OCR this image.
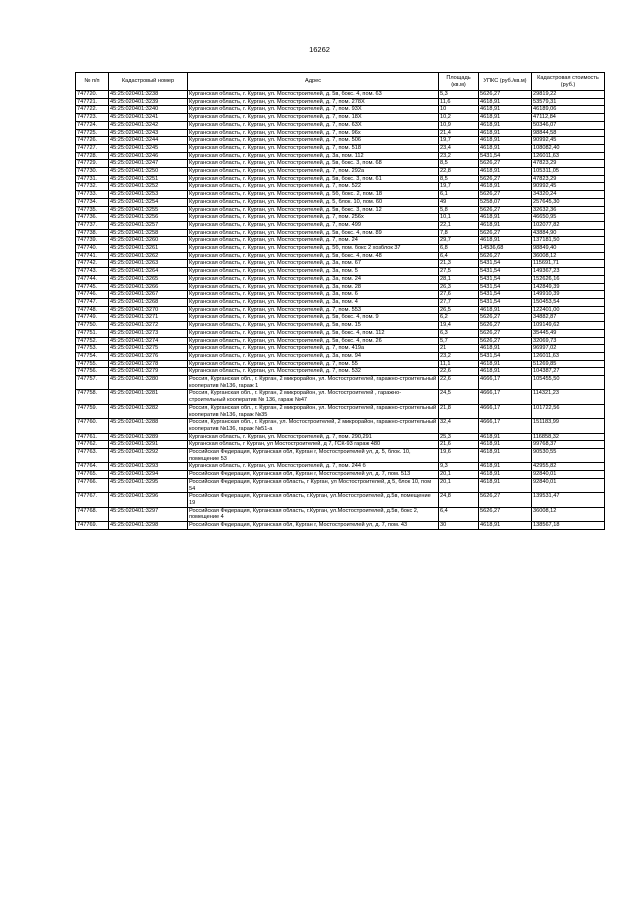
16262
№ п/п	Кадастровый номер	Адрес	Площадь (кв.м)	УПКС (руб./кв.м)	Кадастровая стоимость (руб.)
747720.	45:25:020401:3238	Курганская область, г. Курган, ул. Мостостроителей, д. 5в, бокс. 4, пом. 63	5,3	5626,27	29819,22
747721.	45:25:020401:3239	Курганская область, г. Курган, ул. Мостостроителей, д. 7, пом. 278Х	11,6	4618,91	53579,31
747722.	45:25:020401:3240	Курганская область, г. Курган, ул. Мостостроителей, д. 7, пом. 93Х	10	4618,91	46189,06
747723.	45:25:020401:3241	Курганская область, г. Курган, ул. Мостостроителей, д. 7, пом. 18Х	10,2	4618,91	47112,84
747724.	45:25:020401:3242	Курганская область, г. Курган, ул. Мостостроителей, д. 7, пом. 63Х	10,9	4618,91	50346,07
747725.	45:25:020401:3243	Курганская область, г. Курган, ул. Мостостроителей, д. 7, пом. 96х	21,4	4618,91	98844,58
747726.	45:25:020401:3244	Курганская область, г. Курган, ул. Мостостроителей, д. 7, пом. 506	19,7	4618,91	90992,45
747727.	45:25:020401:3245	Курганская область, г. Курган, ул. Мостостроителей, д. 7, пом. 518	23,4	4618,91	108082,40
747728.	45:25:020401:3246	Курганская область, г. Курган, ул. Мостостроителей, д. 3а, пом. 112	23,2	5431,54	126011,63
747729.	45:25:020401:3247	Курганская область, г. Курган, ул. Мостостроителей, д. 5в, бокс. 3, пом. 68	8,5	5626,27	47823,29
747730.	45:25:020401:3250	Курганская область, г. Курган, ул. Мостостроителей, д. 7, пом. 292а	22,8	4618,91	105311,05
747731.	45:25:020401:3251	Курганская область, г. Курган, ул. Мостостроителей, д. 5в, бокс. 3, пом. 61	8,5	5626,27	47823,29
747732.	45:25:020401:3252	Курганская область, г. Курган, ул. Мостостроителей, д. 7, пом. 522	19,7	4618,91	90992,45
747733.	45:25:020401:3253	Курганская область, г. Курган, ул. Мостостроителей, д. 5б, бокс. 2, пом. 18	6,1	5626,27	34320,24
747734.	45:25:020401:3254	Курганская область, г. Курган, ул. Мостостроителей, д. 5, блок. 10, пом. 60	49	5258,07	257645,30
747735.	45:25:020401:3255	Курганская область, г. Курган, ул. Мостостроителей, д. 5в, бокс. 3, пом. 12	5,8	5626,27	32632,36
747736.	45:25:020401:3256	Курганская область, г. Курган, ул. Мостостроителей, д. 7, пом. 256х	10,1	4618,91	46650,95
747737.	45:25:020401:3257	Курганская область, г. Курган, ул. Мостостроителей, д. 7, пом. 499	22,1	4618,91	102077,82
747738.	45:25:020401:3258	Курганская область, г. Курган, ул. Мостостроителей, д. 5в, бокс. 4, пом. 89	7,8	5626,27	43884,90
747739.	45:25:020401:3260	Курганская область, г. Курган, ул. Мостостроителей, д. 7, пом. 24	29,7	4618,91	137181,50
747740.	45:25:020401:3261	Курганская область, г. Курган, ул. Мостостроителей, д. 5б, пом. бокс 2 хозблок 37	6,8	14536,68	98849,40
747741.	45:25:020401:3262	Курганская область, г. Курган, ул. Мостостроителей, д. 5в, бокс. 4, пом. 48	6,4	5626,27	36008,12
747742.	45:25:020401:3263	Курганская область, г. Курган, ул. Мостостроителей, д. 3а, пом. 67	21,3	5431,54	115691,71
747743.	45:25:020401:3264	Курганская область, г. Курган, ул. Мостостроителей, д. 3а, пом. 5	27,5	5431,54	149367,23
747744.	45:25:020401:3265	Курганская область, г. Курган, ул. Мостостроителей, д. 3а, пом. 24	28,1	5431,54	152626,16
747745.	45:25:020401:3266	Курганская область, г. Курган, ул. Мостостроителей, д. 3а, пом. 28	26,3	5431,54	142849,39
747746.	45:25:020401:3267	Курганская область, г. Курган, ул. Мостостроителей, д. 3а, пом. 6	27,6	5431,54	149910,39
747747.	45:25:020401:3268	Курганская область, г. Курган, ул. Мостостроителей, д. 3а, пом. 4	27,7	5431,54	150453,54
747748.	45:25:020401:3270	Курганская область, г. Курган, ул. Мостостроителей, д. 7, пом. 553	26,5	4618,91	122401,00
747749.	45:25:020401:3271	Курганская область, г. Курган, ул. Мостостроителей, д. 5в, бокс. 4, пом. 9	6,2	5626,27	34882,87
747750.	45:25:020401:3272	Курганская область, г. Курган, ул. Мостостроителей, д. 5в, пом. 15	19,4	5626,27	109149,62
747751.	45:25:020401:3273	Курганская область, г. Курган, ул. Мостостроителей, д. 5в, бокс. 4, пом. 112	6,3	5626,27	35445,49
747752.	45:25:020401:3274	Курганская область, г. Курган, ул. Мостостроителей, д. 5в, бокс. 4, пом. 26	5,7	5626,27	32069,73
747753.	45:25:020401:3275	Курганская область, г. Курган, ул. Мостостроителей, д. 7, пом. 419а	21	4618,91	96997,02
747754.	45:25:020401:3276	Курганская область, г. Курган, ул. Мостостроителей, д. 3а, пом. 94	23,2	5431,54	126011,63
747755.	45:25:020401:3278	Курганская область, г. Курган, ул. Мостостроителей, д. 7, пом. 55	11,1	4618,91	51269,85
747756.	45:25:020401:3279	Курганская область, г. Курган, ул. Мостостроителей, д. 7, пом. 532	22,6	4618,91	104387,27
747757.	45:25:020401:3280	Россия, Курганская обл., г. Курган, 2 микрорайон, ул. Мостостроителей, гаражно-строительный кооператив №136, гараж 1	22,6	4666,17	105455,50
747758.	45:25:020401:3281	Россия, Курганская обл., г. Курган, 2 микрорайон, ул. Мостостроителей , гаражно-строительный кооператив № 136, гараж №47	24,5	4666,17	114321,23
747759.	45:25:020401:3282	Россия, Курганская обл., г. Курган, 2 микрорайон, ул. Мостостроителей, гаражно-строительный кооператив №136, гараж №35	21,8	4666,17	101722,56
747760.	45:25:020401:3288	Россия, Курганская обл., г. Курган, ул. Мостостроителей, 2 микрорайон, гаражно-строительный кооператив №136, гараж №51-а	32,4	4666,17	151183,99
747761.	45:25:020401:3289	Курганская область, г. Курган, ул. Мостостроителей, д. 7, пом. 290,291	25,3	4618,91	116858,32
747762.	45:25:020401:3291	Курганская область, г Курган, ул Мостостроителей, д 7, ГСК-93 гараж 480	21,6	4618,91	99768,37
747763.	45:25:020401:3292	Российская Федерация, Курганская обл, Курган г, Мостостроителей ул, д. 5, блок. 10, помещение 53	19,6	4618,91	90530,55
747764.	45:25:020401:3293	Курганская область, г. Курган, ул. Мостостроителей, д. 7, пом. 244 б	9,3	4618,91	42955,82
747765.	45:25:020401:3294	Российская Федерация, Курганская обл, Курган г, Мостостроителей ул, д. 7, пом. 513	20,1	4618,91	92840,01
747766.	45:25:020401:3295	Российская Федерация, Курганская область, г Курган, ул Мостостроителей, д 5, блок 10, пом 54	20,1	4618,91	92840,01
747767.	45:25:020401:3296	Российская Федерация, Курганская область, г.Курган, ул.Мостостроителей, д.5в, помещение 19	24,8	5626,27	139531,47
747768.	45:25:020401:3297	Российская Федерация, Курганская область, г.Курган, ул.Мостостроителей, д.5в, бокс 2, помещение 4	6,4	5626,27	36008,12
747769.	45:25:020401:3298	Российская Федерация, Курганская обл, Курган г, Мостостроителей ул, д. 7, пом. 43	30	4618,91	138567,18
